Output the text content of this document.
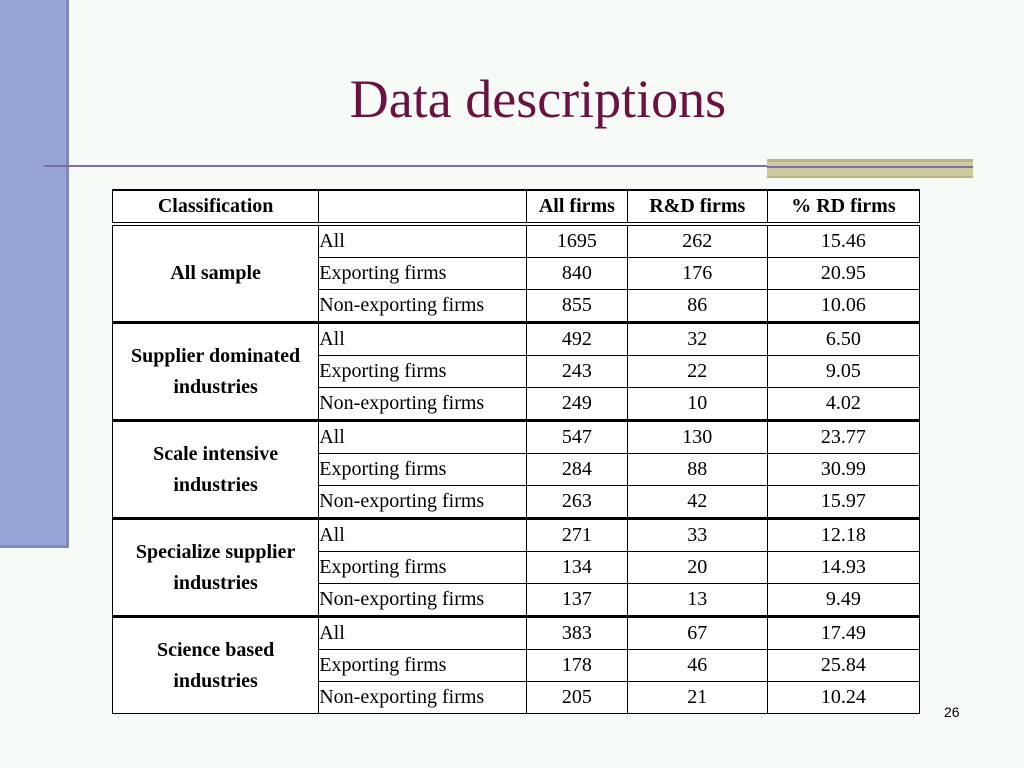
Data descriptions
Classification		All firms	R&D firms	% RD firms
All sample	All	1695	262	15.46
	Exporting firms	840	176	20.95
	Non-exporting firms	855	86	10.06
Supplier dominated industries	All	492	32	6.50
	Exporting firms	243	22	9.05
	Non-exporting firms	249	10	4.02
Scale intensive industries	All	547	130	23.77
	Exporting firms	284	88	30.99
	Non-exporting firms	263	42	15.97
Specialize supplier industries	All	271	33	12.18
	Exporting firms	134	20	14.93
	Non-exporting firms	137	13	9.49
Science based industries	All	383	67	17.49
	Exporting firms	178	46	25.84
	Non-exporting firms	205	21	10.24
26
